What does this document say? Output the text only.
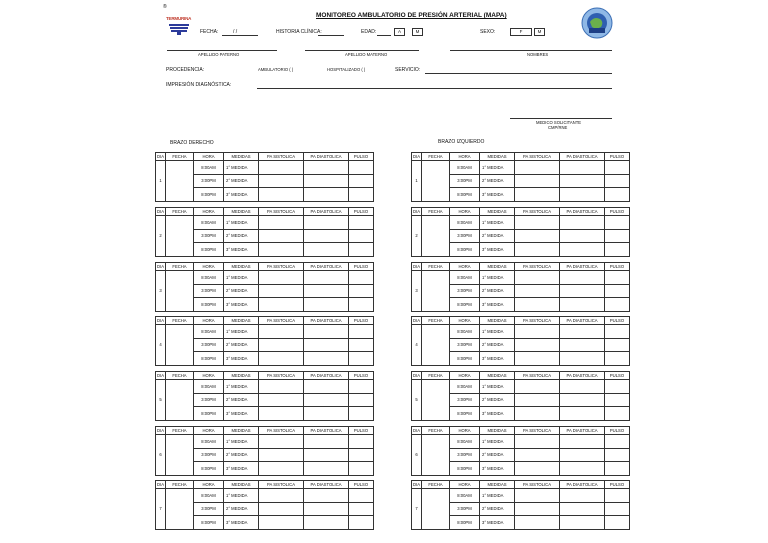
®
TERMURINA	MONITOREO AMBULATORIO DE PRESIÓN ARTERIAL (MAPA)
FECHA:	/ /	HISTORIA CLÍNICA:	EDAD:	A	M	SEXO:	F	M
APELLIDO PATERNO	APELLIDO MATERNO	NOMBRES
PROCEDENCIA:	AMBULATORIO ( )	HOSPITALIZADO ( )	SERVICIO:
IMPRESIÓN DIAGNÓSTICA:
MEDICO SOLICITANTE
CMP/RNE
BRAZO DERECHO	BRAZO IZQUIERDO
DIA	FECHA	HORA	MEDIDAS	PA SISTOLICA	PA DIASTOLICA	PULSO
1		8:00AM	1° MEDIDA			
		3:00PM	2° MEDIDA			
		8:00PM	3° MEDIDA			
DIA	FECHA	HORA	MEDIDAS	PA SISTOLICA	PA DIASTOLICA	PULSO
1		8:00AM	1° MEDIDA			
		3:00PM	2° MEDIDA			
		8:00PM	3° MEDIDA			
DIA	FECHA	HORA	MEDIDAS	PA SISTOLICA	PA DIASTOLICA	PULSO
2		8:00AM	1° MEDIDA			
		3:00PM	2° MEDIDA			
		8:00PM	3° MEDIDA			
DIA	FECHA	HORA	MEDIDAS	PA SISTOLICA	PA DIASTOLICA	PULSO
2		8:00AM	1° MEDIDA			
		3:00PM	2° MEDIDA			
		8:00PM	3° MEDIDA			
DIA	FECHA	HORA	MEDIDAS	PA SISTOLICA	PA DIASTOLICA	PULSO
3		8:00AM	1° MEDIDA			
		3:00PM	2° MEDIDA			
		8:00PM	3° MEDIDA			
DIA	FECHA	HORA	MEDIDAS	PA SISTOLICA	PA DIASTOLICA	PULSO
3		8:00AM	1° MEDIDA			
		3:00PM	2° MEDIDA			
		8:00PM	3° MEDIDA			
DIA	FECHA	HORA	MEDIDAS	PA SISTOLICA	PA DIASTOLICA	PULSO
4		8:00AM	1° MEDIDA			
		3:00PM	2° MEDIDA			
		8:00PM	3° MEDIDA			
DIA	FECHA	HORA	MEDIDAS	PA SISTOLICA	PA DIASTOLICA	PULSO
4		8:00AM	1° MEDIDA			
		3:00PM	2° MEDIDA			
		8:00PM	3° MEDIDA			
DIA	FECHA	HORA	MEDIDAS	PA SISTOLICA	PA DIASTOLICA	PULSO
5		8:00AM	1° MEDIDA			
		3:00PM	2° MEDIDA			
		8:00PM	3° MEDIDA			
DIA	FECHA	HORA	MEDIDAS	PA SISTOLICA	PA DIASTOLICA	PULSO
5		8:00AM	1° MEDIDA			
		3:00PM	2° MEDIDA			
		8:00PM	3° MEDIDA			
DIA	FECHA	HORA	MEDIDAS	PA SISTOLICA	PA DIASTOLICA	PULSO
6		8:00AM	1° MEDIDA			
		3:00PM	2° MEDIDA			
		8:00PM	3° MEDIDA			
DIA	FECHA	HORA	MEDIDAS	PA SISTOLICA	PA DIASTOLICA	PULSO
6		8:00AM	1° MEDIDA			
		3:00PM	2° MEDIDA			
		8:00PM	3° MEDIDA			
DIA	FECHA	HORA	MEDIDAS	PA SISTOLICA	PA DIASTOLICA	PULSO
7		8:00AM	1° MEDIDA			
		3:00PM	2° MEDIDA			
		8:00PM	3° MEDIDA			
DIA	FECHA	HORA	MEDIDAS	PA SISTOLICA	PA DIASTOLICA	PULSO
7		8:00AM	1° MEDIDA			
		3:00PM	2° MEDIDA			
		8:00PM	3° MEDIDA			
